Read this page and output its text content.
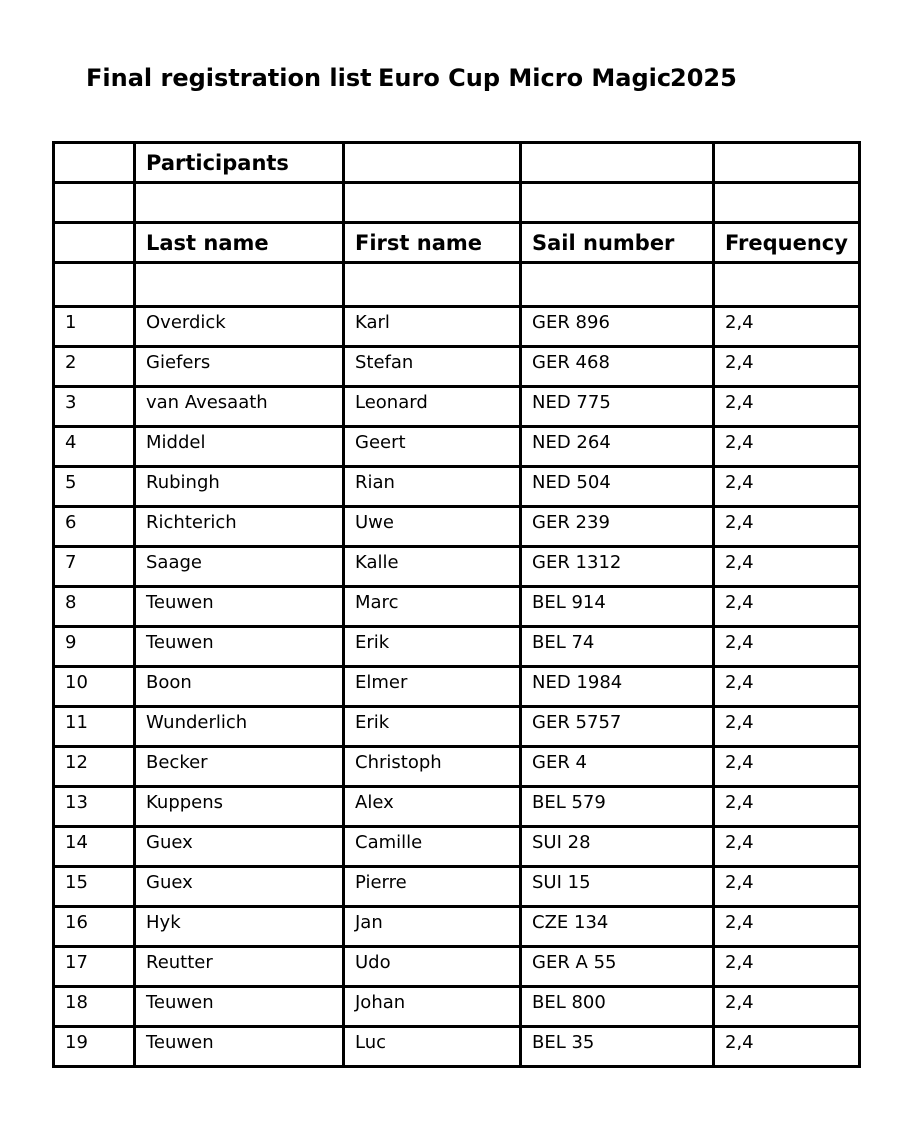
Final registration list Euro Cup Micro Magic
2025
	Participants			

	Last name	First name	Sail number	Frequency

1	Overdick	Karl	GER 896	2,4
2	Giefers	Stefan	GER 468	2,4
3	van Avesaath	Leonard	NED 775	2,4
4	Middel	Geert	NED 264	2,4
5	Rubingh	Rian	NED 504	2,4
6	Richterich	Uwe	GER 239	2,4
7	Saage	Kalle	GER 1312	2,4
8	Teuwen	Marc	BEL 914	2,4
9	Teuwen	Erik	BEL 74	2,4
10	Boon	Elmer	NED 1984	2,4
11	Wunderlich	Erik	GER 5757	2,4
12	Becker	Christoph	GER 4	2,4
13	Kuppens	Alex	BEL 579	2,4
14	Guex	Camille	SUI 28	2,4
15	Guex	Pierre	SUI 15	2,4
16	Hyk	Jan	CZE 134	2,4
17	Reutter	Udo	GER A 55	2,4
18	Teuwen	Johan	BEL 800	2,4
19	Teuwen	Luc	BEL 35	2,4
